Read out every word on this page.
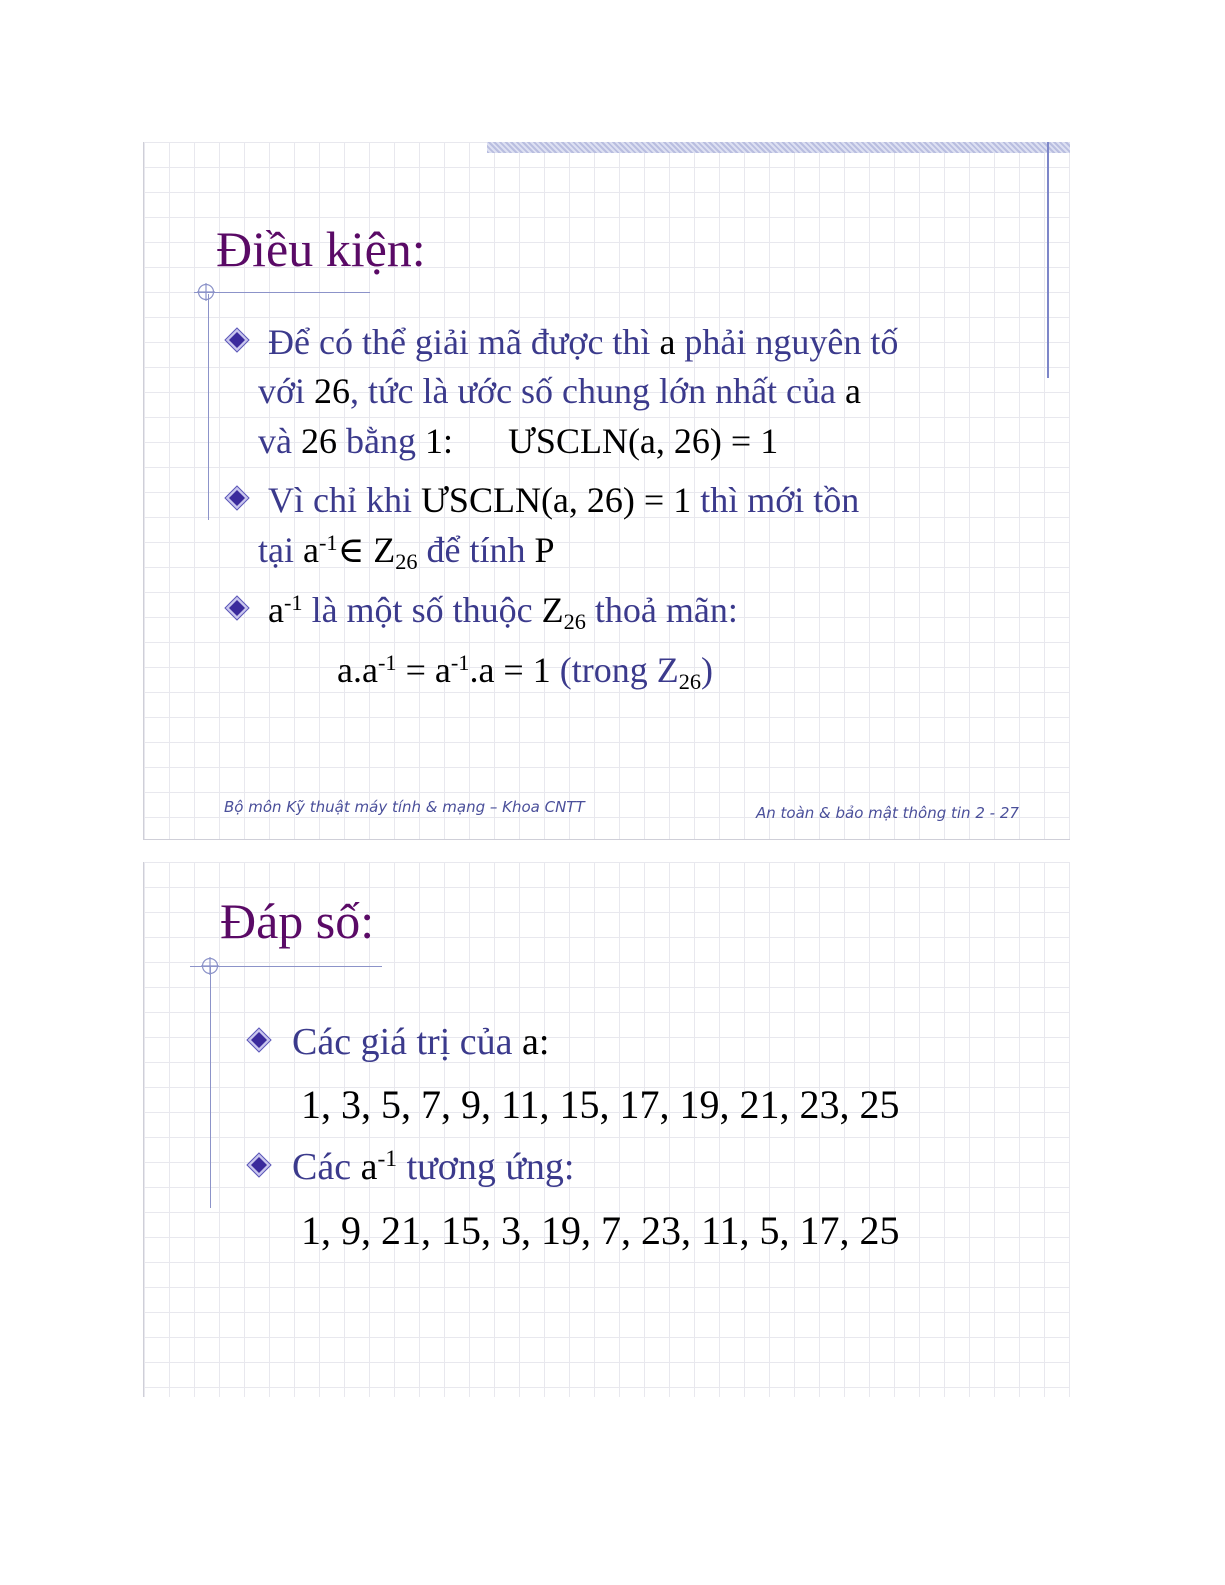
Điều kiện:

Để có thể giải mã được thì a phải nguyên tố

với 26, tức là ước số chung lớn nhất của a

và 26 bằng 1: ƯSCLN(a, 26) = 1

Vì chỉ khi ƯSCLN(a, 26) = 1 thì mới tồn

tại $a^{-1}\in$ $Z_{26}$ để tính P

$a^{-1}$ là một số thuộc $Z_{26}$ thoả mãn:

$a.a^{-1} = a^{-1}.a = 1$ (trong $Z_{26}$)

Bộ môn Kỹ thuật máy tính & mạng – Khoa CNTT	An toàn & bảo mật thông tin 2 - 27

Đáp số:

Các giá trị của a:

1, 3, 5, 7, 9, 11, 15, 17, 19, 21, 23, 25

Các $a^{-1}$ tương ứng:

1, 9, 21, 15, 3, 19, 7, 23, 11, 5, 17, 25
